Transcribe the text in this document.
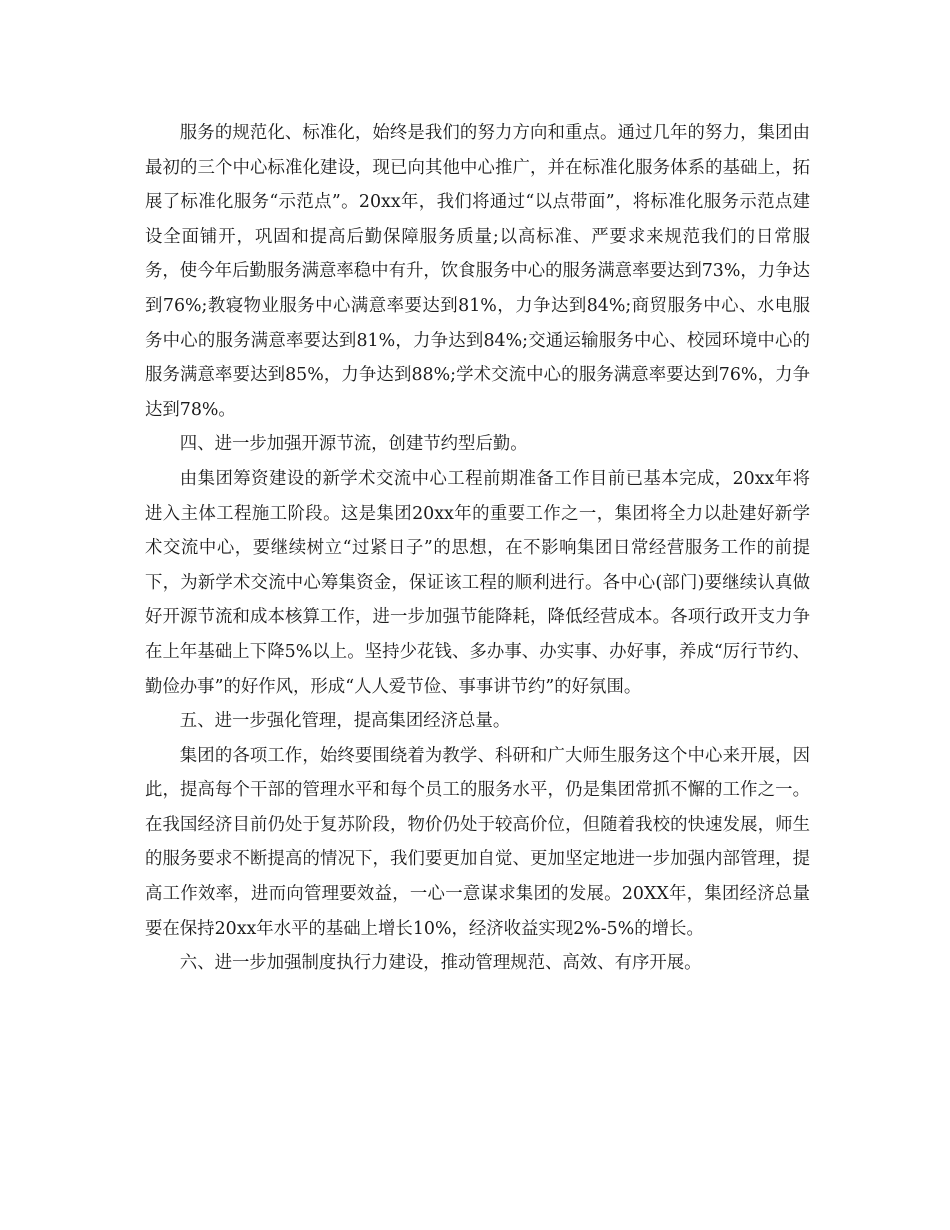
服务的规范化、标准化，始终是我们的努力方向和重点。通过几年的努力，集团由最初的三个中心标准化建设，现已向其他中心推广，并在标准化服务体系的基础上，拓展了标准化服务“示范点”。20xx年，我们将通过“以点带面”，将标准化服务示范点建设全面铺开，巩固和提高后勤保障服务质量;以高标准、严要求来规范我们的日常服务，使今年后勤服务满意率稳中有升，饮食服务中心的服务满意率要达到73%，力争达到76%;教寝物业服务中心满意率要达到81%，力争达到84%;商贸服务中心、水电服务中心的服务满意率要达到81%，力争达到84%;交通运输服务中心、校园环境中心的服务满意率要达到85%，力争达到88%;学术交流中心的服务满意率要达到76%，力争达到78%。

四、进一步加强开源节流，创建节约型后勤。

由集团筹资建设的新学术交流中心工程前期准备工作目前已基本完成，20xx年将进入主体工程施工阶段。这是集团20xx年的重要工作之一，集团将全力以赴建好新学术交流中心，要继续树立“过紧日子”的思想，在不影响集团日常经营服务工作的前提下，为新学术交流中心筹集资金，保证该工程的顺利进行。各中心(部门)要继续认真做好开源节流和成本核算工作，进一步加强节能降耗，降低经营成本。各项行政开支力争在上年基础上下降5%以上。坚持少花钱、多办事、办实事、办好事，养成“厉行节约、勤俭办事”的好作风，形成“人人爱节俭、事事讲节约”的好氛围。

五、进一步强化管理，提高集团经济总量。

集团的各项工作，始终要围绕着为教学、科研和广大师生服务这个中心来开展，因此，提高每个干部的管理水平和每个员工的服务水平，仍是集团常抓不懈的工作之一。在我国经济目前仍处于复苏阶段，物价仍处于较高价位，但随着我校的快速发展，师生的服务要求不断提高的情况下，我们要更加自觉、更加坚定地进一步加强内部管理，提高工作效率，进而向管理要效益，一心一意谋求集团的发展。20XX年，集团经济总量要在保持20xx年水平的基础上增长10%，经济收益实现2%-5%的增长。

六、进一步加强制度执行力建设，推动管理规范、高效、有序开展。
